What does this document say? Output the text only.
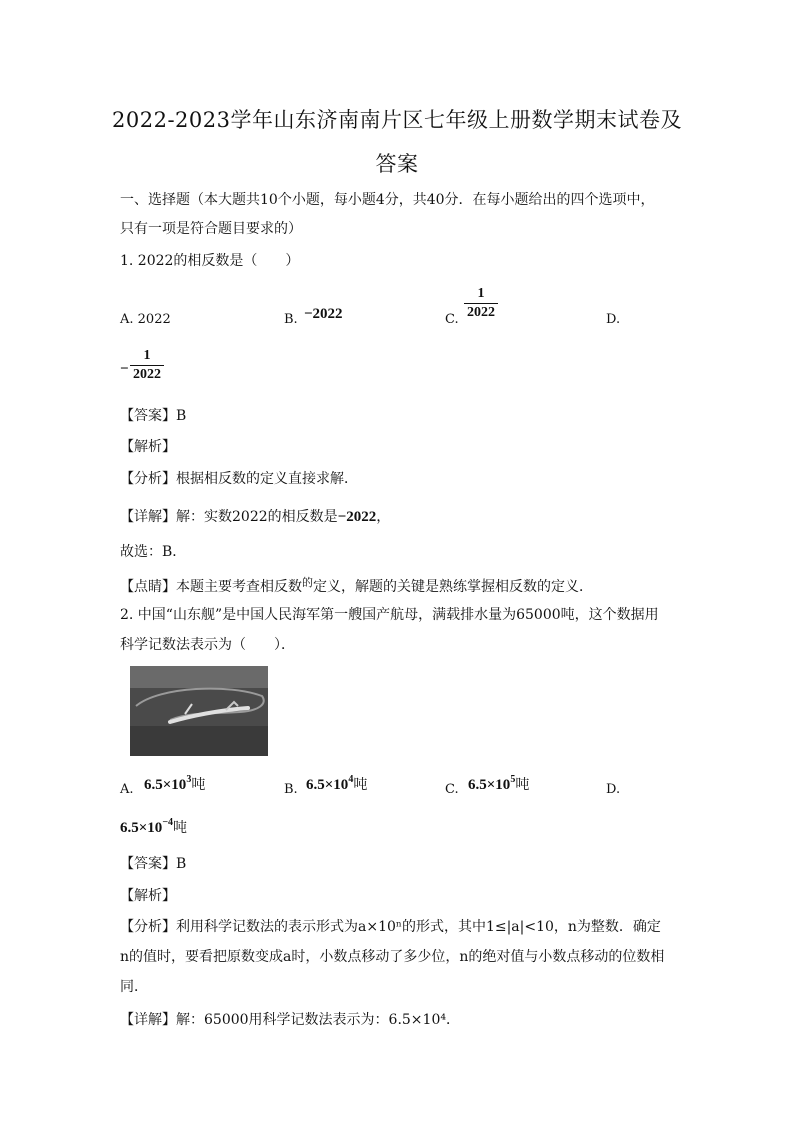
2022-2023学年山东济南南片区七年级上册数学期末试卷及
答案
一、选择题（本大题共10个小题，每小题4分，共40分．在每小题给出的四个选项中，
只有一项是符合题目要求的）
1. 2022的相反数是（　　）
A. 2022	B. −2022	C.
1
2022	D.
−
1
2022
【答案】B
【解析】
【分析】根据相反数的定义直接求解．
【详解】解：实数2022的相反数是−2022，
故选：B．
【点睛】本题主要考查相反数$^的$定义，解题的关键是熟练掌握相反数的定义．
2. 中国“山东舰”是中国人民海军第一艘国产航母，满载排水量为65000吨，这个数据用
科学记数法表示为（　　）．
A. $6.5\times 10^3$吨	B. $6.5\times 10^4$吨	C. $6.5\times 10^5$吨	D.
$6.5\times 10^{-4}$吨
【答案】B
【解析】
【分析】利用科学记数法的表示形式为a×10ⁿ的形式，其中1≤|a|<10，n为整数．确定
n的值时，要看把原数变成a时，小数点移动了多少位，n的绝对值与小数点移动的位数相
同．
【详解】解：65000用科学记数法表示为：6.5×10⁴．
